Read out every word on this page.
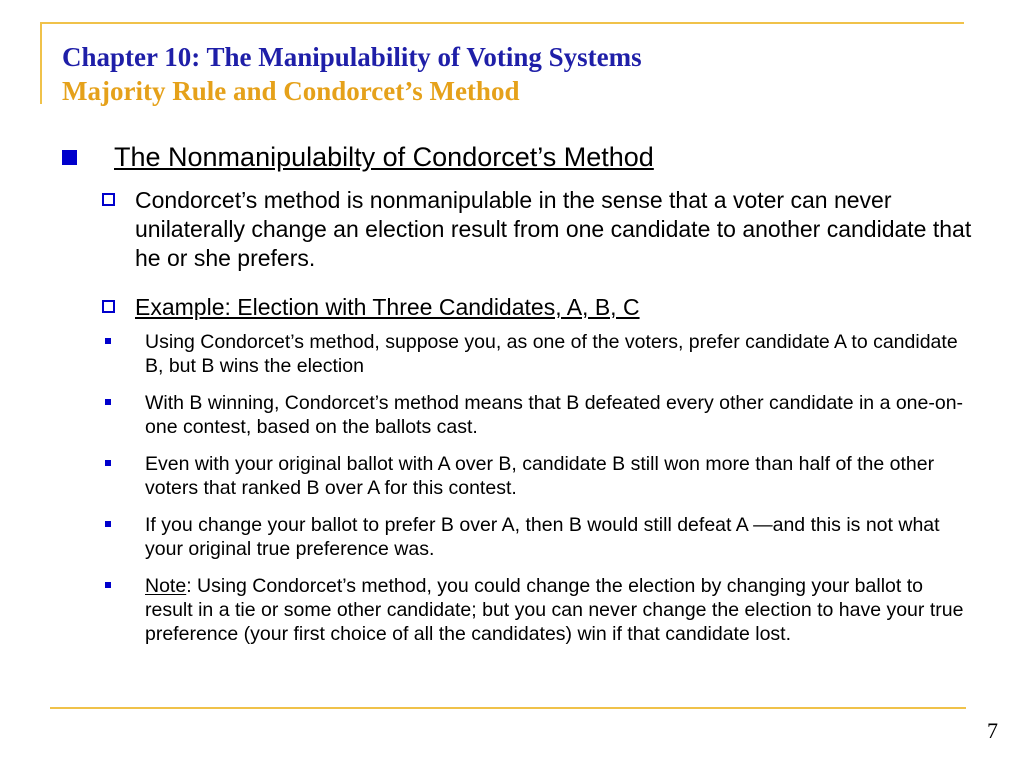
Chapter 10: The Manipulability of Voting Systems
Majority Rule and Condorcet’s Method
The Nonmanipulabilty of Condorcet’s Method
Condorcet’s method is nonmanipulable in the sense that a voter can never unilaterally change an election result from one candidate to another candidate that he or she prefers.
Example: Election with Three Candidates, A, B, C
Using Condorcet’s method, suppose you, as one of the voters, prefer candidate A to candidate B, but B wins the election
With B winning, Condorcet’s method means that B defeated every other candidate in a one-on-one contest, based on the ballots cast.
Even with your original ballot with A over B, candidate B still won more than half of the other voters that ranked B over A for this contest.
If you change your ballot to prefer B over A, then B would still defeat A —and this is not what your original true preference was.
Note: Using Condorcet’s method, you could change the election by changing your ballot to result in a tie or some other candidate; but you can never change the election to have your true preference (your first choice of all the candidates) win if that candidate lost.
7
